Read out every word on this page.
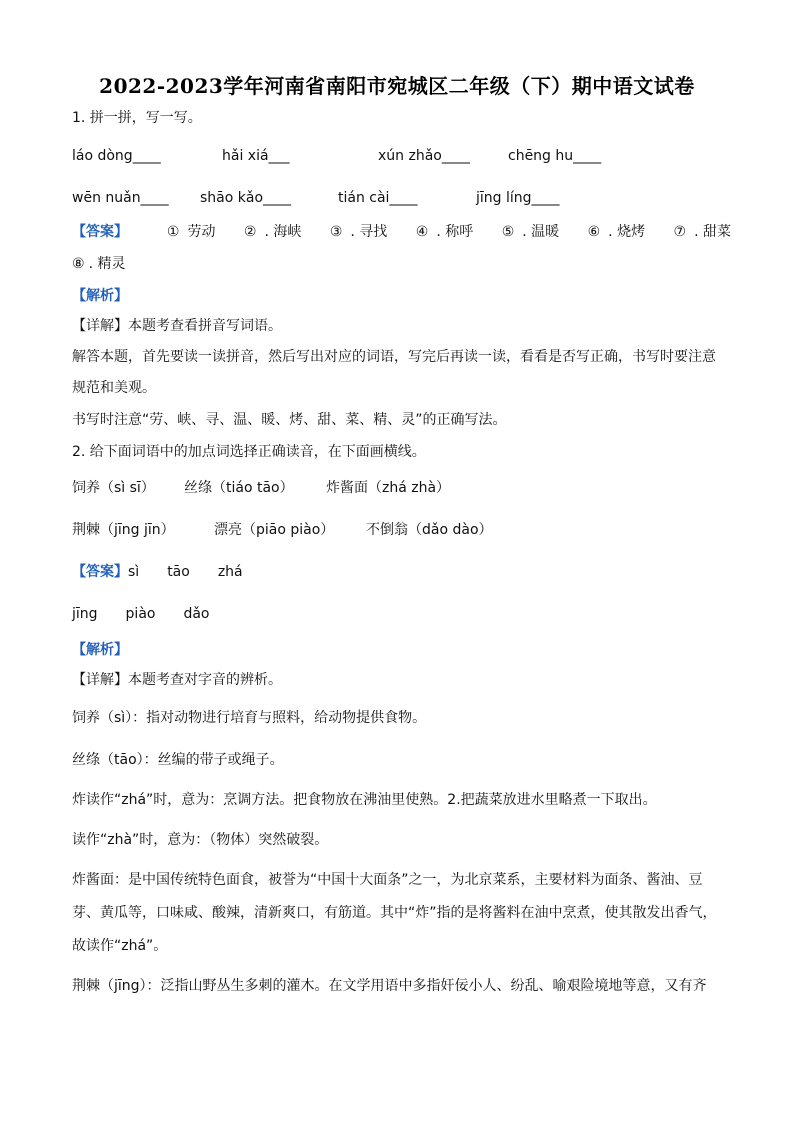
2022-2023学年河南省南阳市宛城区二年级（下）期中语文试卷
1. 拼一拼，写一写。
láo dòng____	hǎi xiá___	xún zhǎo____	chēng hu____
wēn nuǎn____ shāo kǎo____	tián cài____	jīng líng____
【答案】	① 劳动 ② . 海峡 ③ . 寻找 ④ . 称呼 ⑤ . 温暖 ⑥ . 烧烤 ⑦ . 甜菜
⑧ . 精灵
【解析】
【详解】本题考查看拼音写词语。
解答本题，首先要读一读拼音，然后写出对应的词语，写完后再读一读，看看是否写正确，书写时要注意规范和美观。
书写时注意“劳、峡、寻、温、暖、烤、甜、菜、精、灵”的正确写法。
2. 给下面词语中的加点词选择正确读音，在下面画横线。
饲养（sì sī） 丝绦（tiáo tāo） 炸酱面（zhá zhà）
荆棘（jīng jīn）	漂亮（piāo piào） 不倒翁（dǎo dào）
【答案】sì tāo zhá
jīng piào dǎo
【解析】
【详解】本题考查对字音的辨析。
饲养（sì）：指对动物进行培育与照料，给动物提供食物。
丝绦（tāo）：丝编的带子或绳子。
炸读作“zhá”时，意为：烹调方法。把食物放在沸油里使熟。2.把蔬菜放进水里略煮一下取出。
读作“zhà”时，意为：（物体）突然破裂。
炸酱面：是中国传统特色面食，被誉为“中国十大面条”之一，为北京菜系，主要材料为面条、酱油、豆芽、黄瓜等，口味咸、酸辣，清新爽口，有筋道。其中“炸”指的是将酱料在油中烹煮，使其散发出香气，故读作“zhá”。
荆棘（jīng）：泛指山野丛生多刺的灌木。在文学用语中多指奸佞小人、纷乱、喻艰险境地等意，又有齐
